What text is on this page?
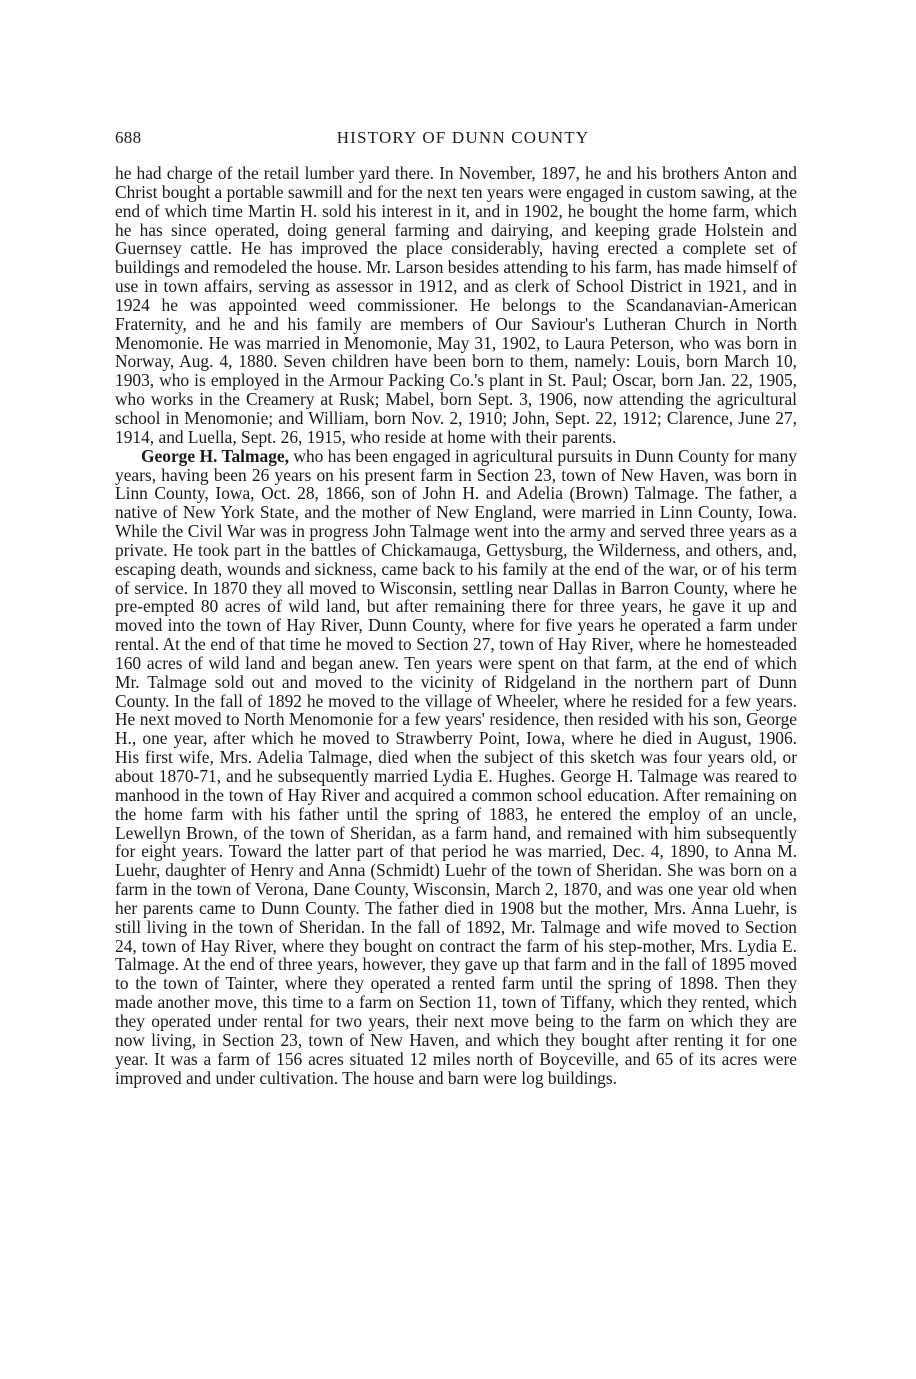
688	HISTORY OF DUNN COUNTY

he had charge of the retail lumber yard there. In November, 1897, he and his brothers Anton and Christ bought a portable sawmill and for the next ten years were engaged in custom sawing, at the end of which time Martin H. sold his interest in it, and in 1902, he bought the home farm, which he has since operated, doing general farming and dairying, and keeping grade Holstein and Guernsey cattle. He has improved the place considerably, having erected a complete set of buildings and remodeled the house. Mr. Larson besides attending to his farm, has made himself of use in town affairs, serving as assessor in 1912, and as clerk of School District in 1921, and in 1924 he was appointed weed commissioner. He belongs to the Scandanavian-American Fraternity, and he and his family are members of Our Saviour's Lutheran Church in North Menomonie. He was married in Menomonie, May 31, 1902, to Laura Peterson, who was born in Norway, Aug. 4, 1880. Seven children have been born to them, namely: Louis, born March 10, 1903, who is employed in the Armour Packing Co.'s plant in St. Paul; Oscar, born Jan. 22, 1905, who works in the Creamery at Rusk; Mabel, born Sept. 3, 1906, now attending the agricultural school in Menomonie; and William, born Nov. 2, 1910; John, Sept. 22, 1912; Clarence, June 27, 1914, and Luella, Sept. 26, 1915, who reside at home with their parents.

George H. Talmage, who has been engaged in agricultural pursuits in Dunn County for many years, having been 26 years on his present farm in Section 23, town of New Haven, was born in Linn County, Iowa, Oct. 28, 1866, son of John H. and Adelia (Brown) Talmage. The father, a native of New York State, and the mother of New England, were married in Linn County, Iowa. While the Civil War was in progress John Talmage went into the army and served three years as a private. He took part in the battles of Chickamauga, Gettysburg, the Wilderness, and others, and, escaping death, wounds and sickness, came back to his family at the end of the war, or of his term of service. In 1870 they all moved to Wisconsin, settling near Dallas in Barron County, where he pre-empted 80 acres of wild land, but after remaining there for three years, he gave it up and moved into the town of Hay River, Dunn County, where for five years he operated a farm under rental. At the end of that time he moved to Section 27, town of Hay River, where he homesteaded 160 acres of wild land and began anew. Ten years were spent on that farm, at the end of which Mr. Talmage sold out and moved to the vicinity of Ridgeland in the northern part of Dunn County. In the fall of 1892 he moved to the village of Wheeler, where he resided for a few years. He next moved to North Menomonie for a few years' residence, then resided with his son, George H., one year, after which he moved to Strawberry Point, Iowa, where he died in August, 1906. His first wife, Mrs. Adelia Talmage, died when the subject of this sketch was four years old, or about 1870-71, and he subsequently married Lydia E. Hughes. George H. Talmage was reared to manhood in the town of Hay River and acquired a common school education. After remaining on the home farm with his father until the spring of 1883, he entered the employ of an uncle, Lewellyn Brown, of the town of Sheridan, as a farm hand, and remained with him subsequently for eight years. Toward the latter part of that period he was married, Dec. 4, 1890, to Anna M. Luehr, daughter of Henry and Anna (Schmidt) Luehr of the town of Sheridan. She was born on a farm in the town of Verona, Dane County, Wisconsin, March 2, 1870, and was one year old when her parents came to Dunn County. The father died in 1908 but the mother, Mrs. Anna Luehr, is still living in the town of Sheridan. In the fall of 1892, Mr. Talmage and wife moved to Section 24, town of Hay River, where they bought on contract the farm of his step-mother, Mrs. Lydia E. Talmage. At the end of three years, however, they gave up that farm and in the fall of 1895 moved to the town of Tainter, where they operated a rented farm until the spring of 1898. Then they made another move, this time to a farm on Section 11, town of Tiffany, which they rented, which they operated under rental for two years, their next move being to the farm on which they are now living, in Section 23, town of New Haven, and which they bought after renting it for one year. It was a farm of 156 acres situated 12 miles north of Boyceville, and 65 of its acres were improved and under cultivation. The house and barn were log buildings.
